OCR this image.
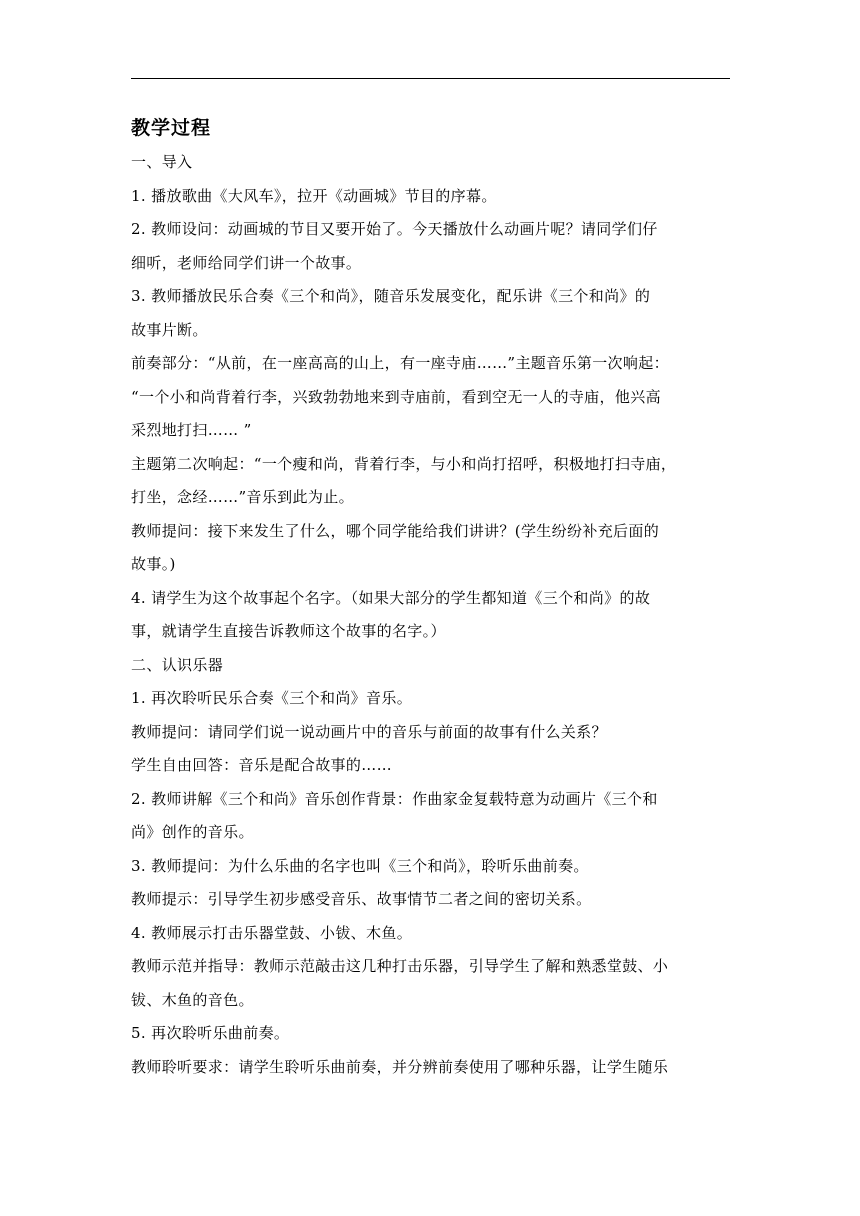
教学过程

一、导入

1. 播放歌曲《大风车》，拉开《动画城》节目的序幕。

2. 教师设问：动画城的节目又要开始了。今天播放什么动画片呢？请同学们仔
细听，老师给同学们讲一个故事。

3. 教师播放民乐合奏《三个和尚》，随音乐发展变化，配乐讲《三个和尚》的
故事片断。

前奏部分：“从前，在一座高高的山上，有一座寺庙……”主题音乐第一次响起：
“一个小和尚背着行李，兴致勃勃地来到寺庙前，看到空无一人的寺庙，他兴高
采烈地打扫…… ”

主题第二次响起：“一个瘦和尚，背着行李，与小和尚打招呼，积极地打扫寺庙，
打坐，念经……”音乐到此为止。

教师提问：接下来发生了什么，哪个同学能给我们讲讲？(学生纷纷补充后面的
故事。)

4. 请学生为这个故事起个名字。（如果大部分的学生都知道《三个和尚》的故
事，就请学生直接告诉教师这个故事的名字。）

二、认识乐器

1. 再次聆听民乐合奏《三个和尚》音乐。

教师提问：请同学们说一说动画片中的音乐与前面的故事有什么关系？

学生自由回答：音乐是配合故事的……

2. 教师讲解《三个和尚》音乐创作背景：作曲家金复载特意为动画片《三个和
尚》创作的音乐。

3. 教师提问：为什么乐曲的名字也叫《三个和尚》，聆听乐曲前奏。

教师提示：引导学生初步感受音乐、故事情节二者之间的密切关系。

4. 教师展示打击乐器堂鼓、小钹、木鱼。

教师示范并指导：教师示范敲击这几种打击乐器，引导学生了解和熟悉堂鼓、小
钹、木鱼的音色。

5. 再次聆听乐曲前奏。

教师聆听要求：请学生聆听乐曲前奏，并分辨前奏使用了哪种乐器，让学生随乐
